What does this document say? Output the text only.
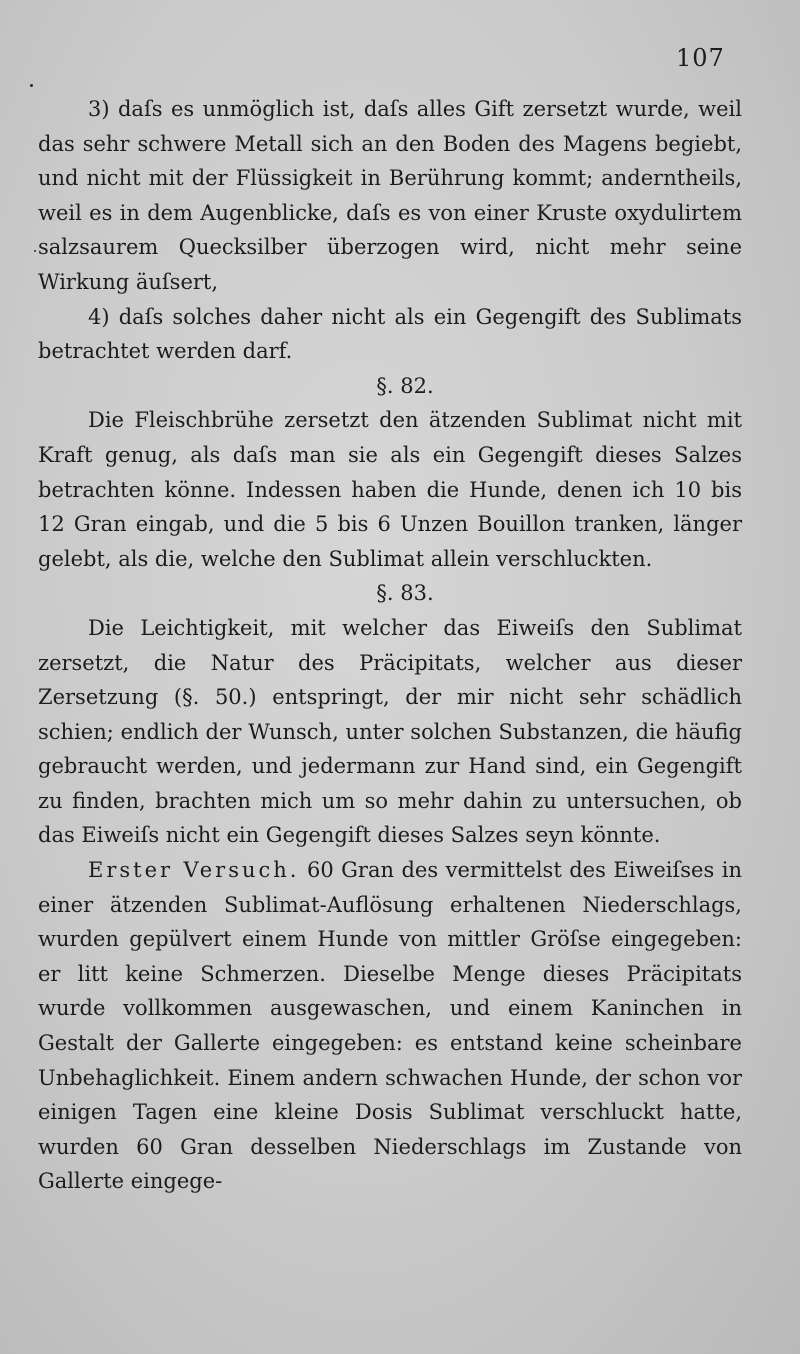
107

3) daſs es unmöglich ist, daſs alles Gift zersetzt wurde, weil das sehr schwere Metall sich an den Boden des Magens begiebt, und nicht mit der Flüssigkeit in Berührung kommt; anderntheils, weil es in dem Augenblicke, daſs es von einer Kruste oxydulirtem salzsaurem Quecksilber überzogen wird, nicht mehr seine Wirkung äuſsert,

4) daſs solches daher nicht als ein Gegengift des Sublimats betrachtet werden darf.

§. 82.

Die Fleischbrühe zersetzt den ätzenden Sublimat nicht mit Kraft genug, als daſs man sie als ein Gegengift dieses Salzes betrachten könne. Indessen haben die Hunde, denen ich 10 bis 12 Gran eingab, und die 5 bis 6 Unzen Bouillon tranken, länger gelebt, als die, welche den Sublimat allein verschluckten.

§. 83.

Die Leichtigkeit, mit welcher das Eiweiſs den Sublimat zersetzt, die Natur des Präcipitats, welcher aus dieser Zersetzung (§. 50.) entspringt, der mir nicht sehr schädlich schien; endlich der Wunsch, unter solchen Substanzen, die häufig gebraucht werden, und jedermann zur Hand sind, ein Gegengift zu finden, brachten mich um so mehr dahin zu untersuchen, ob das Eiweiſs nicht ein Gegengift dieses Salzes seyn könnte.

Erster Versuch. 60 Gran des vermittelst des Eiweiſses in einer ätzenden Sublimat-Auflösung erhaltenen Niederschlags, wurden gepülvert einem Hunde von mittler Gröſse eingegeben: er litt keine Schmerzen. Dieselbe Menge dieses Präcipitats wurde vollkommen ausgewaschen, und einem Kaninchen in Gestalt der Gallerte eingegeben: es entstand keine scheinbare Unbehaglichkeit. Einem andern schwachen Hunde, der schon vor einigen Tagen eine kleine Dosis Sublimat verschluckt hatte, wurden 60 Gran desselben Niederschlags im Zustande von Gallerte eingege-
